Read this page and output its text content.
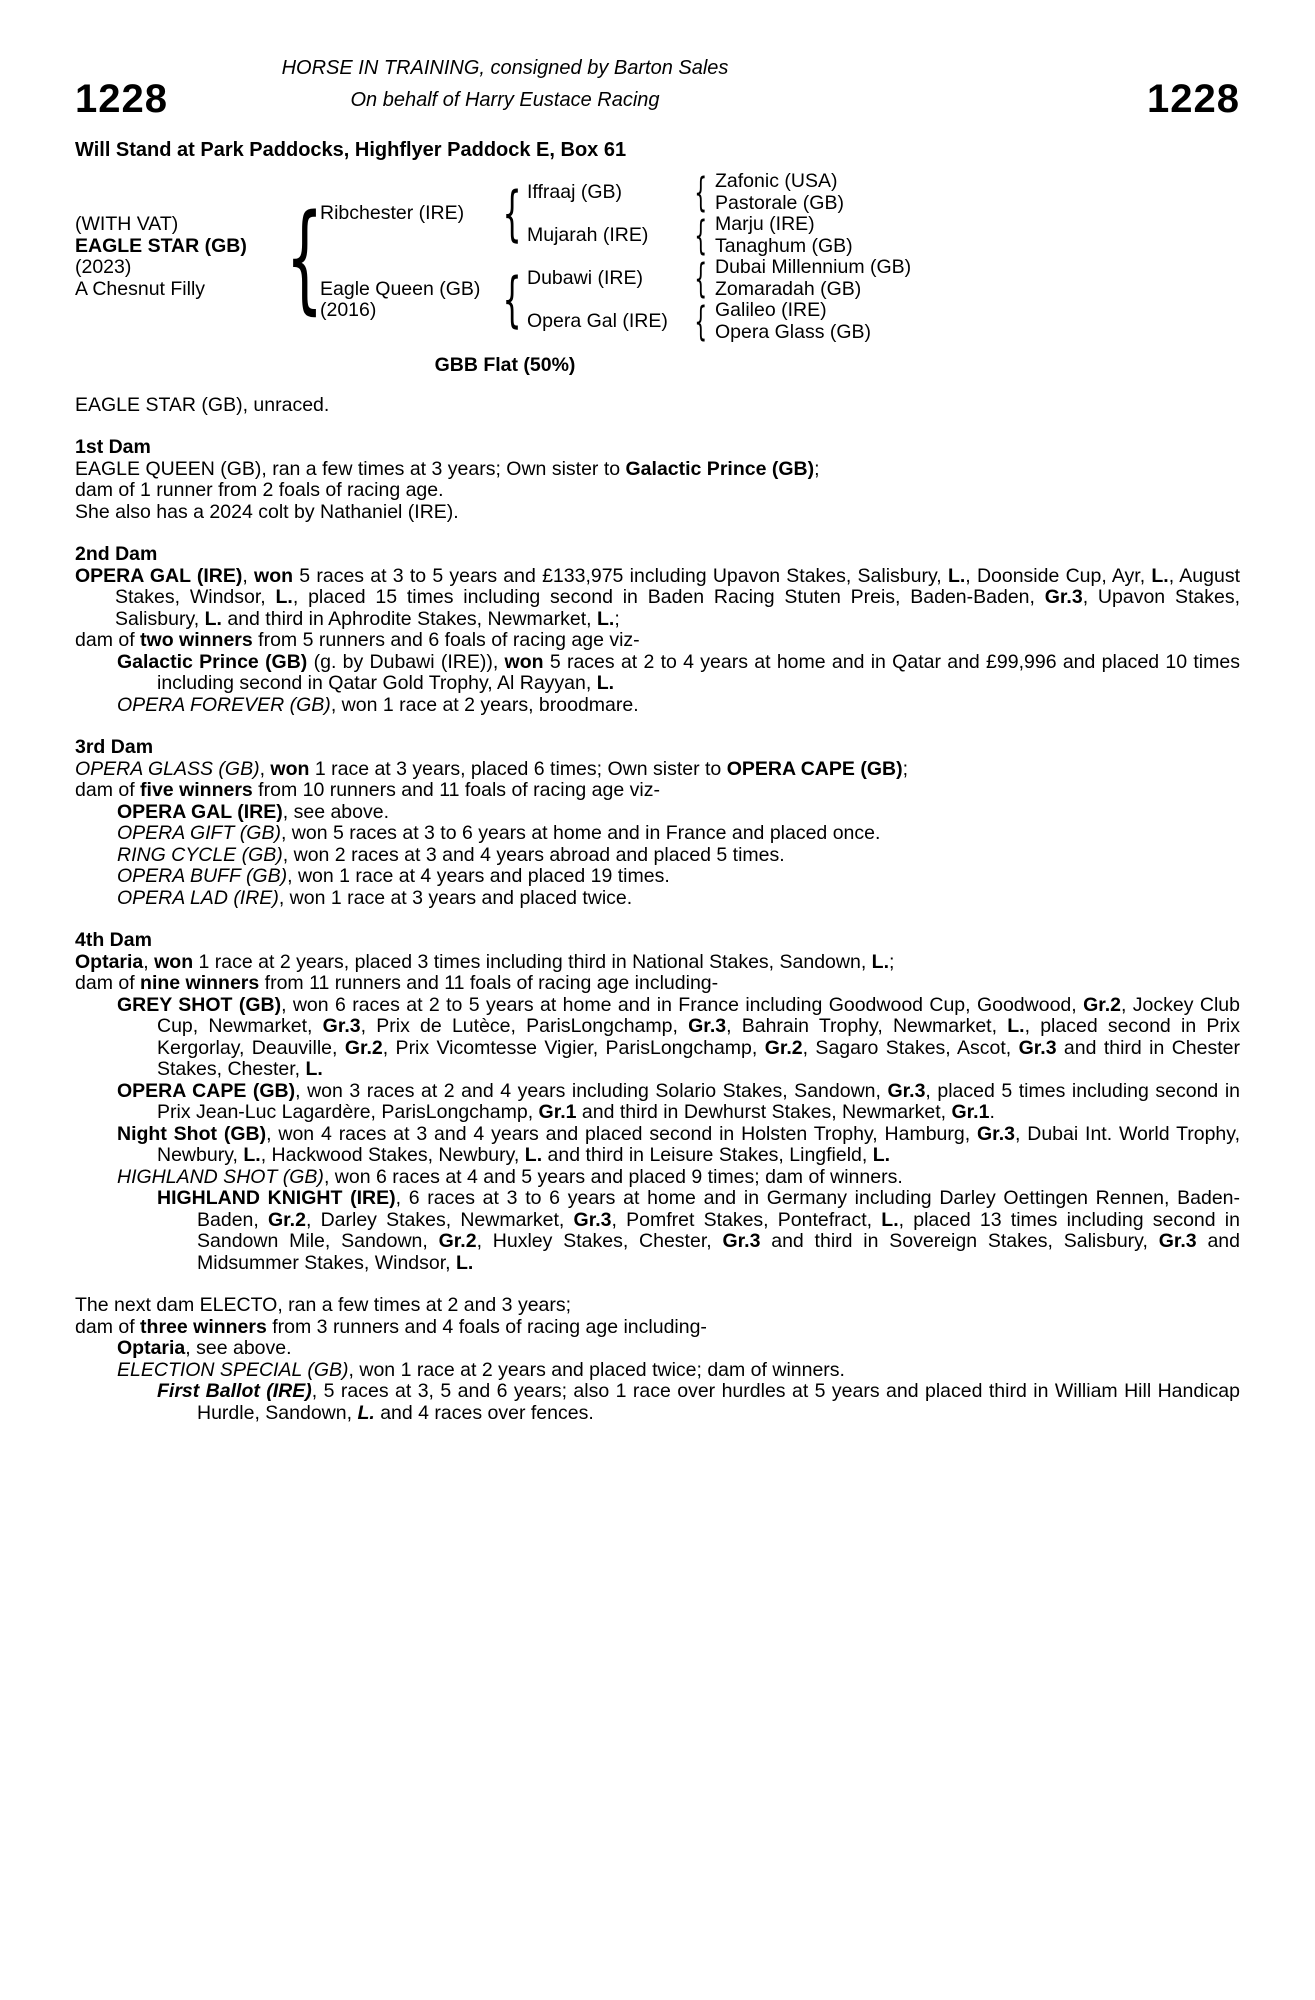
HORSE IN TRAINING, consigned by Barton Sales
1228	On behalf of Harry Eustace Racing	1228
Will Stand at Park Paddocks, Highflyer Paddock E, Box 61
(WITH VAT)
EAGLE STAR (GB)
(2023)
A Chesnut Filly
{
Ribchester (IRE)
Eagle Queen (GB)
(2016)
{
{
Iffraaj (GB)
Mujarah (IRE)
Dubawi (IRE)
Opera Gal (IRE)
{
{
{
{
Zafonic (USA)
Pastorale (GB)
Marju (IRE)
Tanaghum (GB)
Dubai Millennium (GB)
Zomaradah (GB)
Galileo (IRE)
Opera Glass (GB)
GBB Flat (50%)

EAGLE STAR (GB), unraced.

1st Dam

EAGLE QUEEN (GB), ran a few times at 3 years; Own sister to Galactic Prince (GB);

dam of 1 runner from 2 foals of racing age.

She also has a 2024 colt by Nathaniel (IRE).

2nd Dam

OPERA GAL (IRE), won 5 races at 3 to 5 years and £133,975 including Upavon Stakes, Salisbury, L., Doonside Cup, Ayr, L., August Stakes, Windsor, L., placed 15 times including second in Baden Racing Stuten Preis, Baden-Baden, Gr.3, Upavon Stakes, Salisbury, L. and third in Aphrodite Stakes, Newmarket, L.;

dam of two winners from 5 runners and 6 foals of racing age viz-

Galactic Prince (GB) (g. by Dubawi (IRE)), won 5 races at 2 to 4 years at home and in Qatar and £99,996 and placed 10 times including second in Qatar Gold Trophy, Al Rayyan, L.

OPERA FOREVER (GB), won 1 race at 2 years, broodmare.

3rd Dam

OPERA GLASS (GB), won 1 race at 3 years, placed 6 times; Own sister to OPERA CAPE (GB);

dam of five winners from 10 runners and 11 foals of racing age viz-

OPERA GAL (IRE), see above.

OPERA GIFT (GB), won 5 races at 3 to 6 years at home and in France and placed once.

RING CYCLE (GB), won 2 races at 3 and 4 years abroad and placed 5 times.

OPERA BUFF (GB), won 1 race at 4 years and placed 19 times.

OPERA LAD (IRE), won 1 race at 3 years and placed twice.

4th Dam

Optaria, won 1 race at 2 years, placed 3 times including third in National Stakes, Sandown, L.;

dam of nine winners from 11 runners and 11 foals of racing age including-

GREY SHOT (GB), won 6 races at 2 to 5 years at home and in France including Goodwood Cup, Goodwood, Gr.2, Jockey Club Cup, Newmarket, Gr.3, Prix de Lutèce, ParisLongchamp, Gr.3, Bahrain Trophy, Newmarket, L., placed second in Prix Kergorlay, Deauville, Gr.2, Prix Vicomtesse Vigier, ParisLongchamp, Gr.2, Sagaro Stakes, Ascot, Gr.3 and third in Chester Stakes, Chester, L.

OPERA CAPE (GB), won 3 races at 2 and 4 years including Solario Stakes, Sandown, Gr.3, placed 5 times including second in Prix Jean-Luc Lagardère, ParisLongchamp, Gr.1 and third in Dewhurst Stakes, Newmarket, Gr.1.

Night Shot (GB), won 4 races at 3 and 4 years and placed second in Holsten Trophy, Hamburg, Gr.3, Dubai Int. World Trophy, Newbury, L., Hackwood Stakes, Newbury, L. and third in Leisure Stakes, Lingfield, L.

HIGHLAND SHOT (GB), won 6 races at 4 and 5 years and placed 9 times; dam of winners.

HIGHLAND KNIGHT (IRE), 6 races at 3 to 6 years at home and in Germany including Darley Oettingen Rennen, Baden-Baden, Gr.2, Darley Stakes, Newmarket, Gr.3, Pomfret Stakes, Pontefract, L., placed 13 times including second in Sandown Mile, Sandown, Gr.2, Huxley Stakes, Chester, Gr.3 and third in Sovereign Stakes, Salisbury, Gr.3 and Midsummer Stakes, Windsor, L.

The next dam ELECTO, ran a few times at 2 and 3 years;

dam of three winners from 3 runners and 4 foals of racing age including-

Optaria, see above.

ELECTION SPECIAL (GB), won 1 race at 2 years and placed twice; dam of winners.

First Ballot (IRE), 5 races at 3, 5 and 6 years; also 1 race over hurdles at 5 years and placed third in William Hill Handicap Hurdle, Sandown, L. and 4 races over fences.
